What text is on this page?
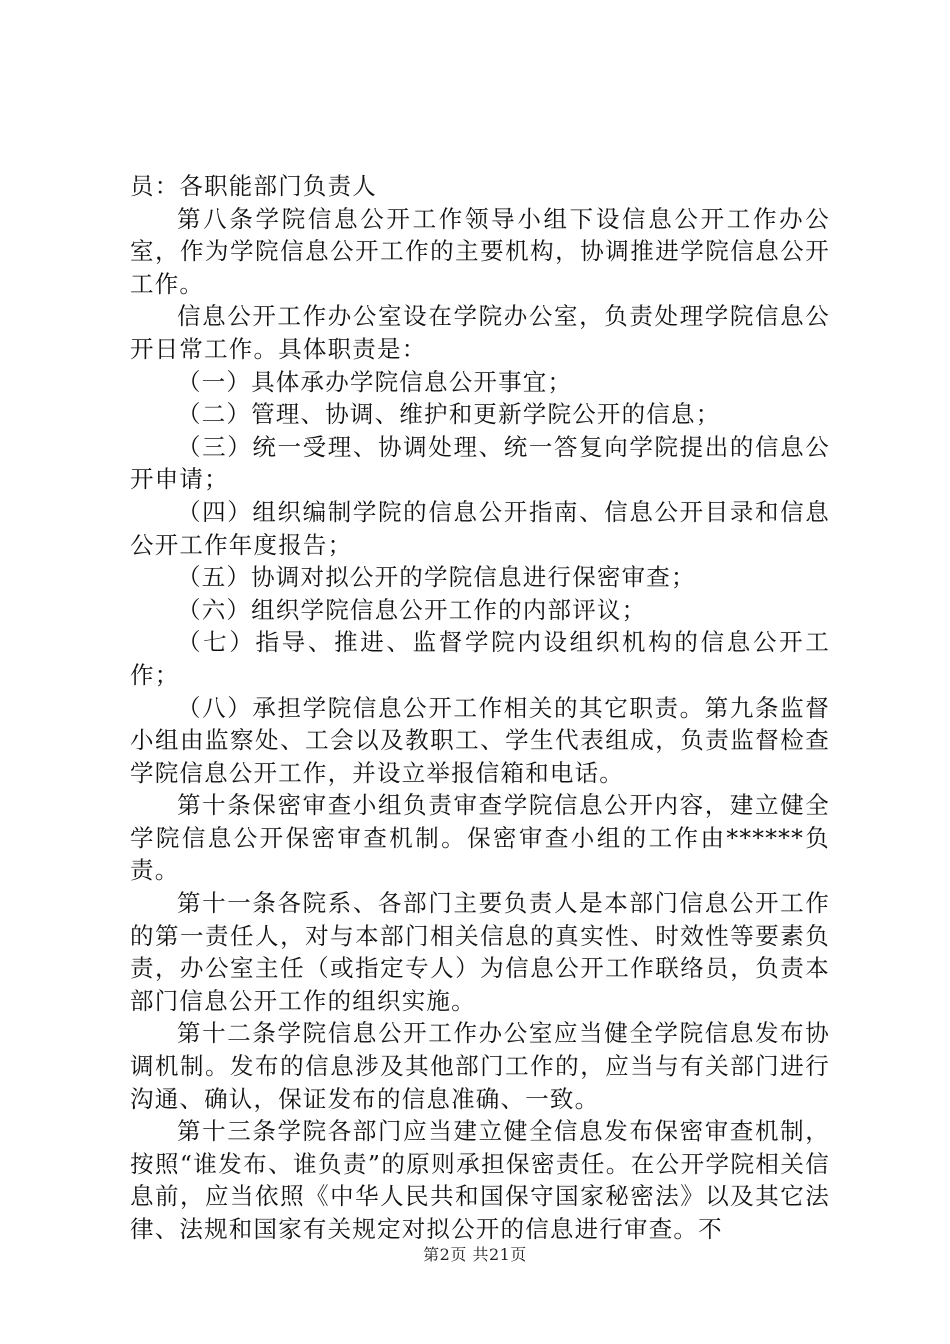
员：各职能部门负责人

第八条学院信息公开工作领导小组下设信息公开工作办公室，作为学院信息公开工作的主要机构，协调推进学院信息公开工作。

信息公开工作办公室设在学院办公室，负责处理学院信息公开日常工作。具体职责是：

（一）具体承办学院信息公开事宜；

（二）管理、协调、维护和更新学院公开的信息；

（三）统一受理、协调处理、统一答复向学院提出的信息公开申请；

（四）组织编制学院的信息公开指南、信息公开目录和信息公开工作年度报告；

（五）协调对拟公开的学院信息进行保密审查；

（六）组织学院信息公开工作的内部评议；

（七）指导、推进、监督学院内设组织机构的信息公开工作；

（八）承担学院信息公开工作相关的其它职责。第九条监督小组由监察处、工会以及教职工、学生代表组成，负责监督检查学院信息公开工作，并设立举报信箱和电话。

第十条保密审查小组负责审查学院信息公开内容，建立健全学院信息公开保密审查机制。保密审查小组的工作由******负责。

第十一条各院系、各部门主要负责人是本部门信息公开工作的第一责任人，对与本部门相关信息的真实性、时效性等要素负责，办公室主任（或指定专人）为信息公开工作联络员，负责本部门信息公开工作的组织实施。

第十二条学院信息公开工作办公室应当健全学院信息发布协调机制。发布的信息涉及其他部门工作的，应当与有关部门进行沟通、确认，保证发布的信息准确、一致。

第十三条学院各部门应当建立健全信息发布保密审查机制，按照“谁发布、谁负责”的原则承担保密责任。在公开学院相关信息前，应当依照《中华人民共和国保守国家秘密法》以及其它法律、法规和国家有关规定对拟公开的信息进行审查。不

第2页 共21页
